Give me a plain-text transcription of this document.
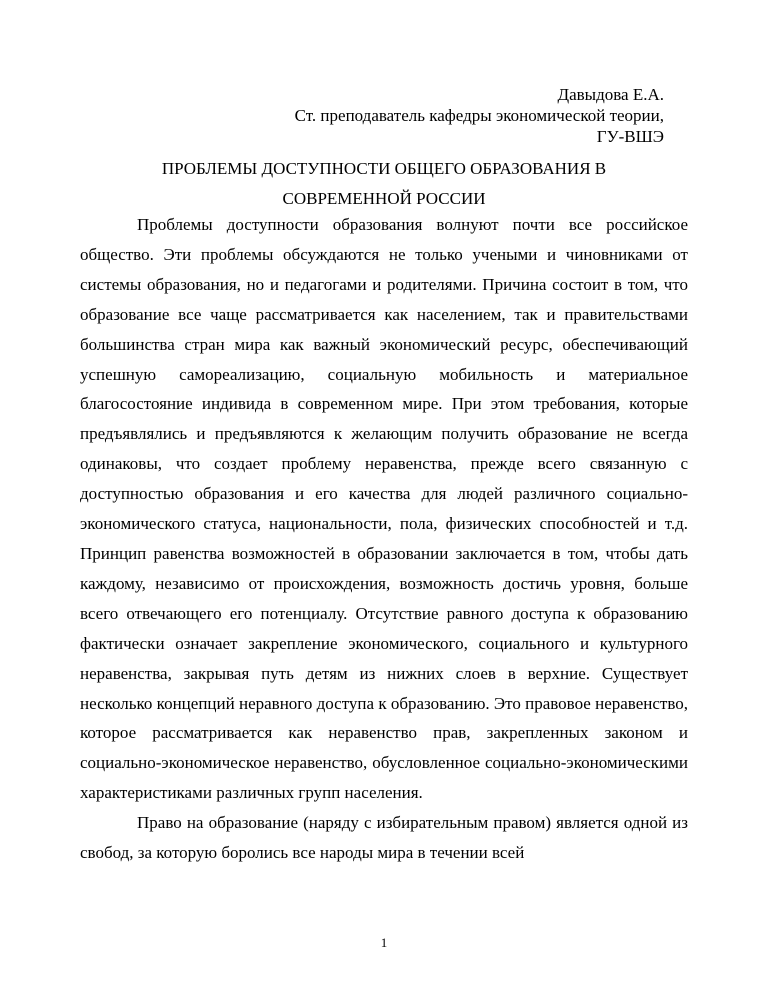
Давыдова Е.А.
Ст. преподаватель кафедры экономической теории,
ГУ-ВШЭ
ПРОБЛЕМЫ ДОСТУПНОСТИ ОБЩЕГО ОБРАЗОВАНИЯ В
СОВРЕМЕННОЙ РОССИИ

Проблемы доступности образования волнуют почти все российское общество. Эти проблемы обсуждаются не только учеными и чиновниками от системы образования, но и педагогами и родителями. Причина состоит в том, что образование все чаще рассматривается как населением, так и правительствами большинства стран мира как важный экономический ресурс, обеспечивающий успешную самореализацию, социальную мобильность и материальное благосостояние индивида в современном мире. При этом требования, которые предъявлялись и предъявляются к желающим получить образование не всегда одинаковы, что создает проблему неравенства, прежде всего связанную с доступностью образования и его качества для людей различного социально-экономического статуса, национальности, пола, физических способностей и т.д. Принцип равенства возможностей в образовании заключается в том, чтобы дать каждому, независимо от происхождения, возможность достичь уровня, больше всего отвечающего его потенциалу. Отсутствие равного доступа к образованию фактически означает закрепление экономического, социального и культурного неравенства, закрывая путь детям из нижних слоев в верхние. Существует несколько концепций неравного доступа к образованию. Это правовое неравенство, которое рассматривается как неравенство прав, закрепленных законом и социально-экономическое неравенство, обусловленное социально-экономическими характеристиками различных групп населения.

Право на образование (наряду с избирательным правом) является одной из свобод, за которую боролись все народы мира в течении всей

1
